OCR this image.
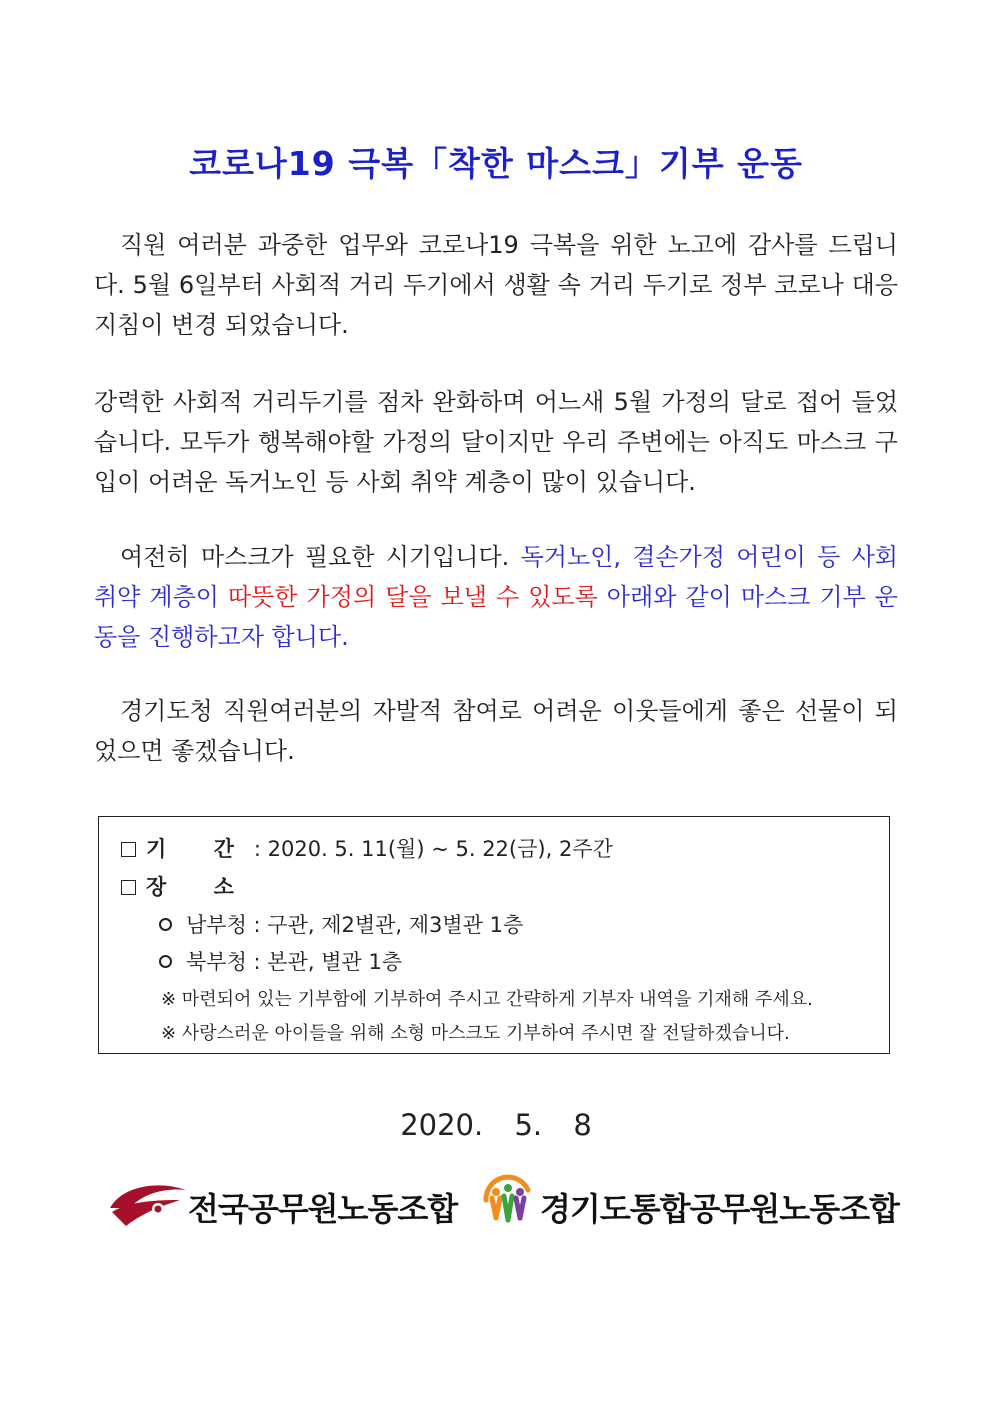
코로나19 극복「착한 마스크」기부 운동

직원 여러분 과중한 업무와 코로나19 극복을 위한 노고에 감사를 드립니다. 5월 6일부터 사회적 거리 두기에서 생활 속 거리 두기로 정부 코로나 대응 지침이 변경 되었습니다.

강력한 사회적 거리두기를 점차 완화하며 어느새 5월 가정의 달로 접어 들었습니다. 모두가 행복해야할 가정의 달이지만 우리 주변에는 아직도 마스크 구입이 어려운 독거노인 등 사회 취약 계층이 많이 있습니다.

여전히 마스크가 필요한 시기입니다. 독거노인, 결손가정 어린이 등 사회 취약 계층이 따뜻한 가정의 달을 보낼 수 있도록 아래와 같이 마스크 기부 운동을 진행하고자 합니다.

경기도청 직원여러분의 자발적 참여로 어려운 이웃들에게 좋은 선물이 되었으면 좋겠습니다.

기 간: 2020. 5. 11(월) ~ 5. 22(금), 2주간
장 소
남부청 : 구관, 제2별관, 제3별관 1층
북부청 : 본관, 별관 1층
※ 마련되어 있는 기부함에 기부하여 주시고 간략하게 기부자 내역을 기재해 주세요.
※ 사랑스러운 아이들을 위해 소형 마스크도 기부하여 주시면 잘 전달하겠습니다.
2020. 5. 8
전국공무원노동조합	경기도통합공무원노동조합
